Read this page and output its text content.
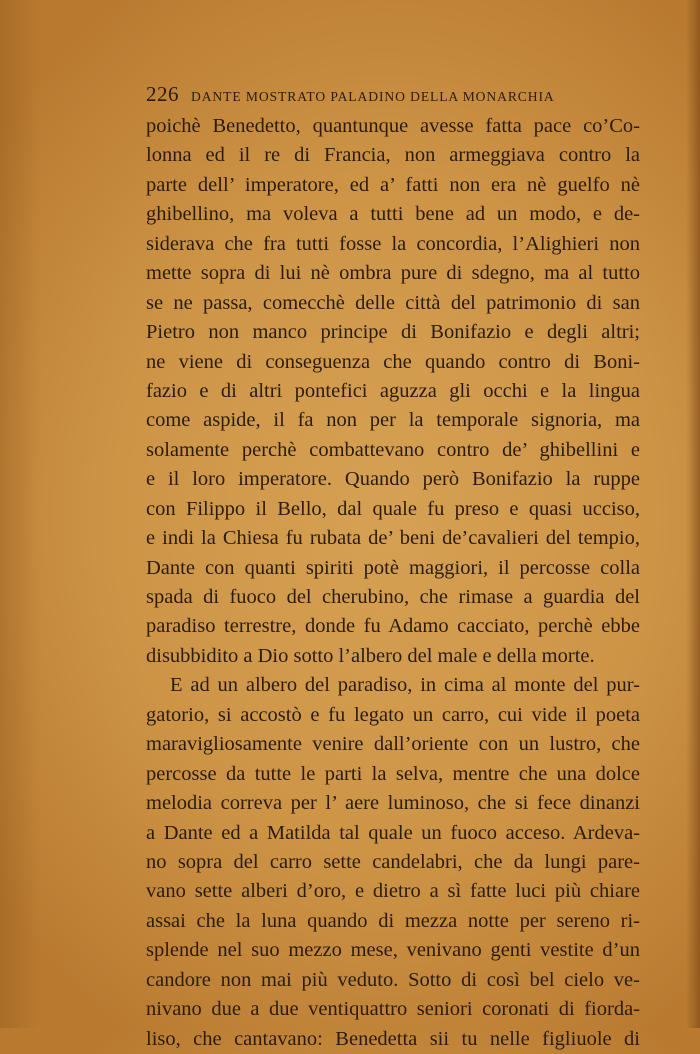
226 DANTE MOSTRATO PALADINO DELLA MONARCHIA
poichè Benedetto, quantunque avesse fatta pace co’Co-
lonna ed il re di Francia, non armeggiava contro la
parte dell’ imperatore, ed a’ fatti non era nè guelfo nè
ghibellino, ma voleva a tutti bene ad un modo, e de-
siderava che fra tutti fosse la concordia, l’Alighieri non
mette sopra di lui nè ombra pure di sdegno, ma al tutto
se ne passa, comecchè delle città del patrimonio di san
Pietro non manco principe di Bonifazio e degli altri;
ne viene di conseguenza che quando contro di Boni-
fazio e di altri pontefici aguzza gli occhi e la lingua
come aspide, il fa non per la temporale signoria, ma
solamente perchè combattevano contro de’ ghibellini e
e il loro imperatore. Quando però Bonifazio la ruppe
con Filippo il Bello, dal quale fu preso e quasi ucciso,
e indi la Chiesa fu rubata de’ beni de’cavalieri del tempio,
Dante con quanti spiriti potè maggiori, il percosse colla
spada di fuoco del cherubino, che rimase a guardia del
paradiso terrestre, donde fu Adamo cacciato, perchè ebbe
disubbidito a Dio sotto l’albero del male e della morte.
E ad un albero del paradiso, in cima al monte del pur-
gatorio, si accostò e fu legato un carro, cui vide il poeta
maravigliosamente venire dall’oriente con un lustro, che
percosse da tutte le parti la selva, mentre che una dolce
melodia correva per l’ aere luminoso, che si fece dinanzi
a Dante ed a Matilda tal quale un fuoco acceso. Ardeva-
no sopra del carro sette candelabri, che da lungi pare-
vano sette alberi d’oro, e dietro a sì fatte luci più chiare
assai che la luna quando di mezza notte per sereno ri-
splende nel suo mezzo mese, venivano genti vestite d’un
candore non mai più veduto. Sotto di così bel cielo ve-
nivano due a due ventiquattro seniori coronati di fiorda-
liso, che cantavano: Benedetta sii tu nelle figliuole di
